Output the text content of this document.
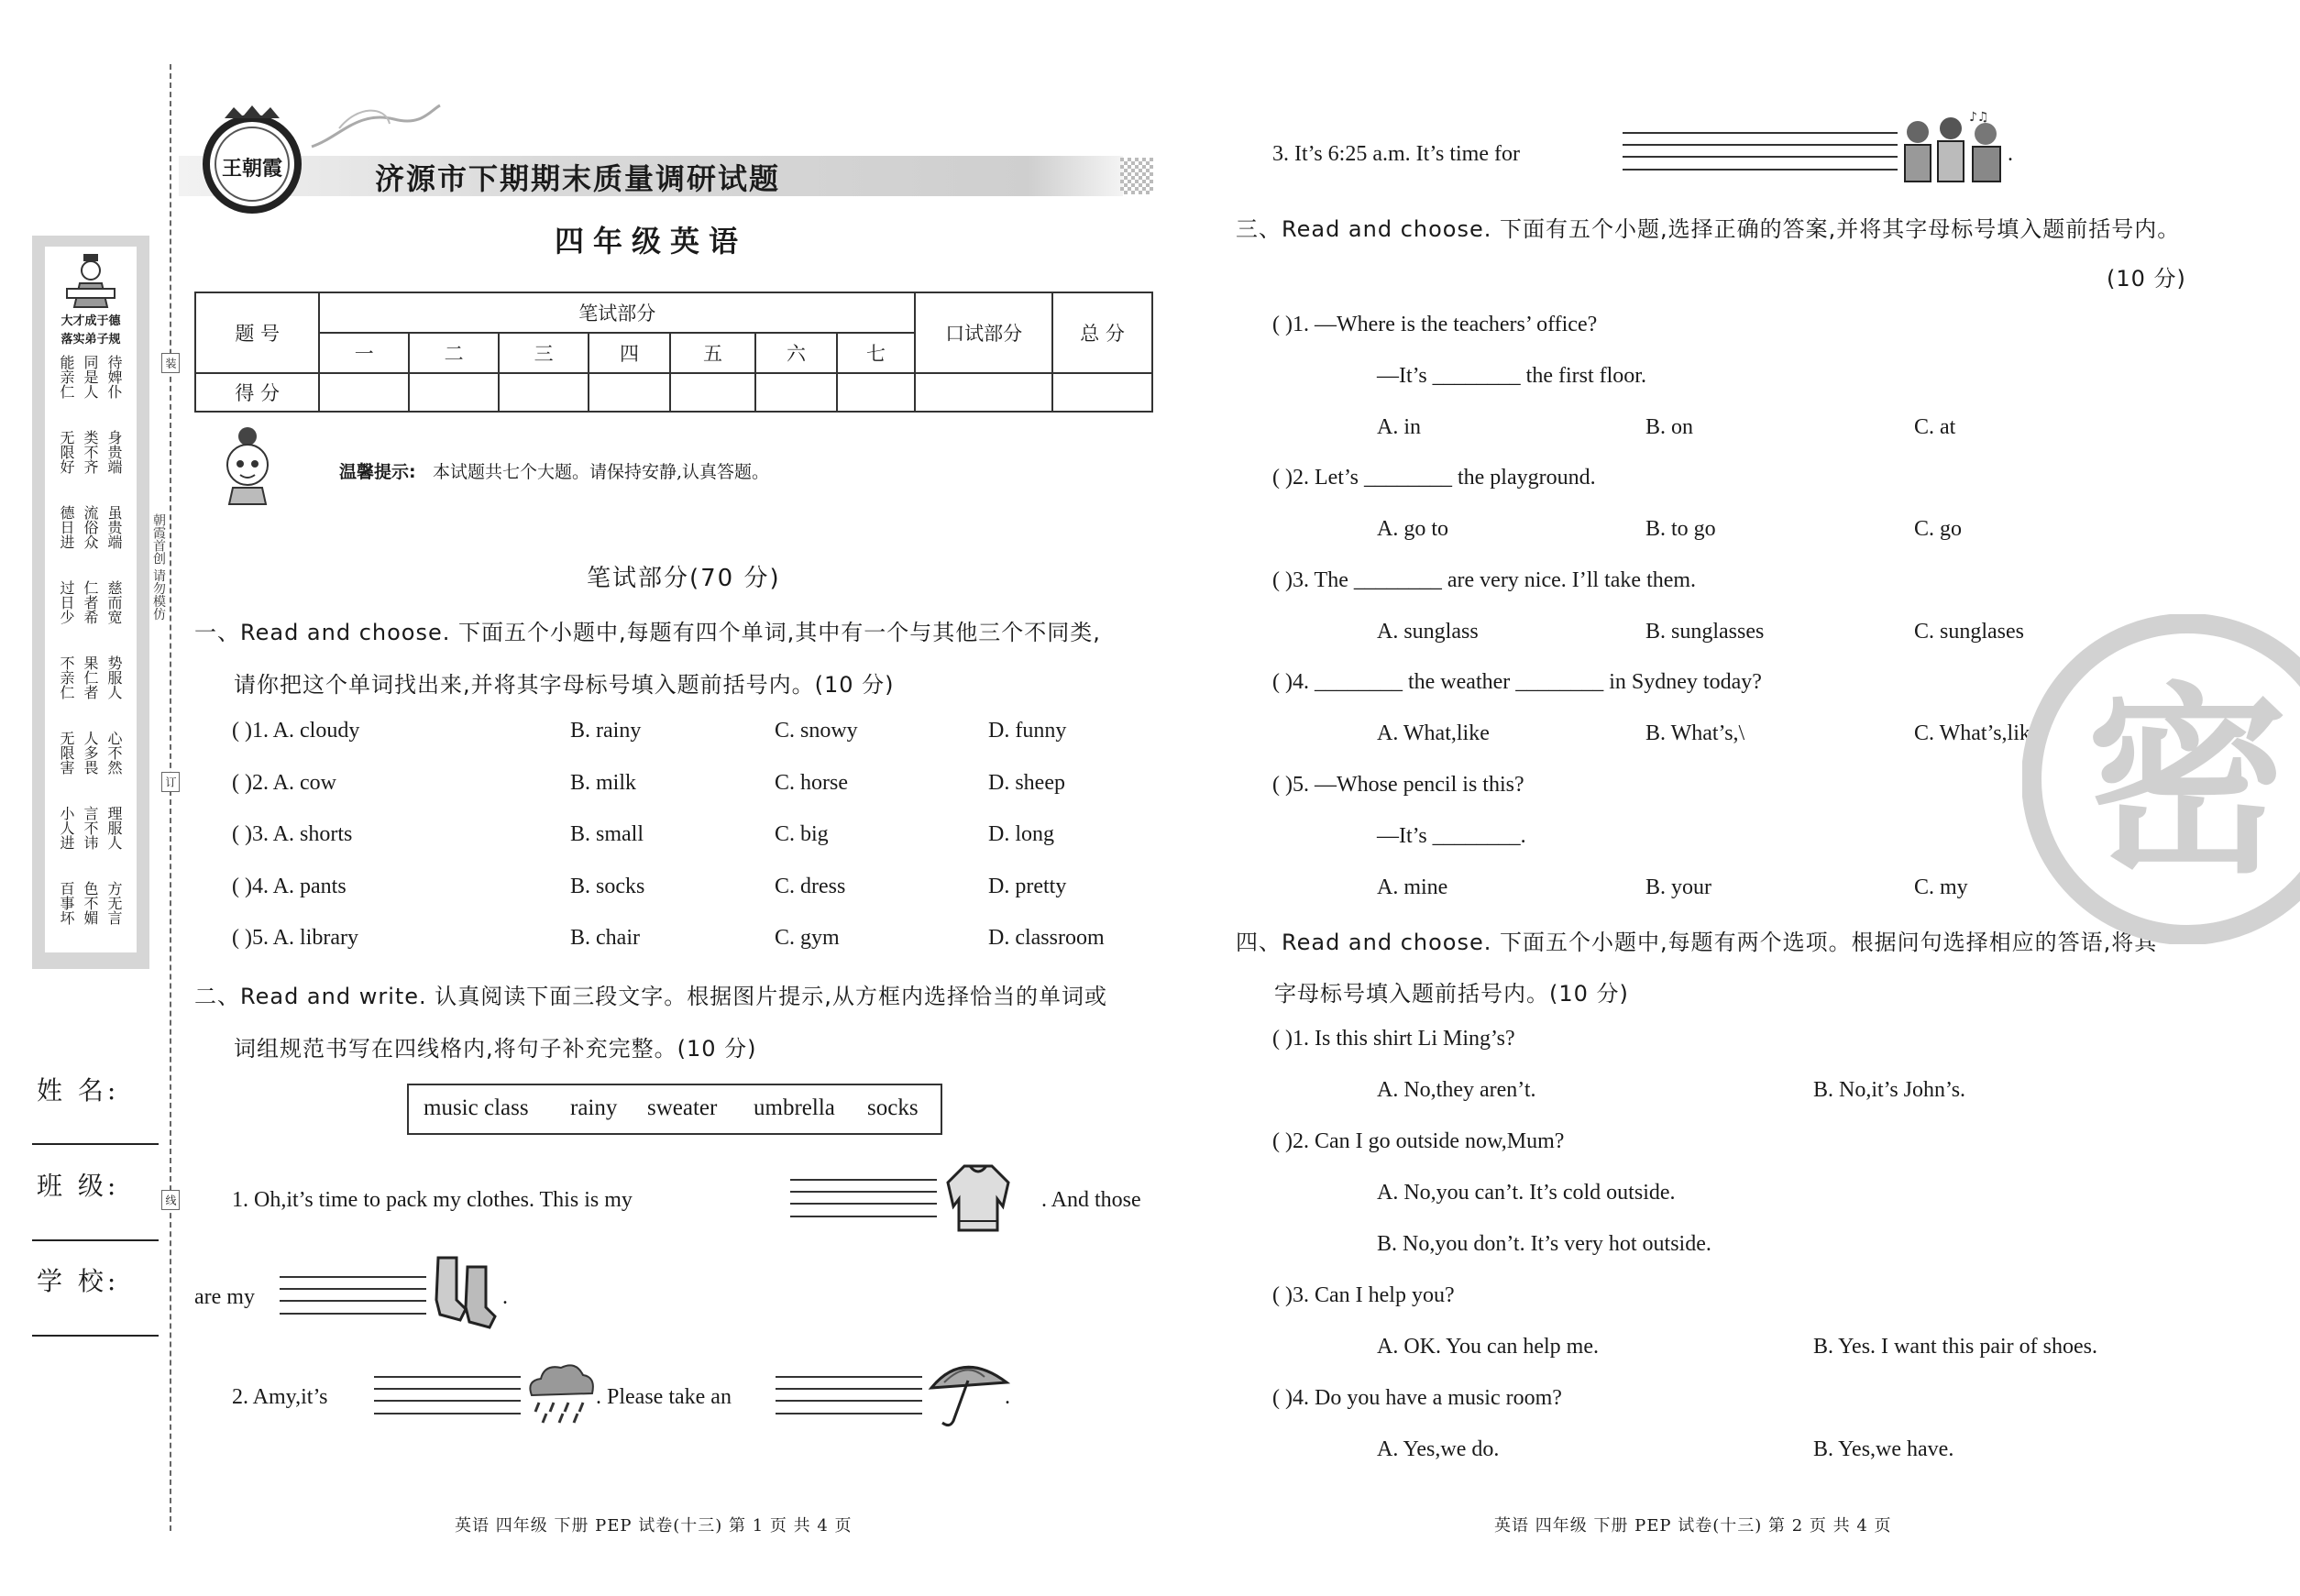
大才成于德
落实弟子规
能亲仁 同是人 待婢仆
无限好 类不齐 身贵端
德日进 流俗众 虽贵端
过日少 仁者希 慈而宽
不亲仁 果仁者 势服人
无限害 人多畏 心不然
小人进 言不讳 理服人
百事坏 色不媚 方无言
朝霞首创 请勿模仿
装
订
线
姓 名:
班 级:
学 校:
王朝霞	济源市下期期末质量调研试题
四年级英语
题 号	笔试部分							口试部分	总 分
	一	二	三	四	五	六	七		
得 分									
温馨提示: 本试题共七个大题。请保持安静,认真答题。
笔试部分(70 分)
一、Read and choose. 下面五个小题中,每题有四个单词,其中有一个与其他三个不同类,
请你把这个单词找出来,并将其字母标号填入题前括号内。(10 分)
( )1. A. cloudy	B. rainy	C. snowy	D. funny
( )2. A. cow	B. milk	C. horse	D. sheep
( )3. A. shorts	B. small	C. big	D. long
( )4. A. pants	B. socks	C. dress	D. pretty
( )5. A. library	B. chair	C. gym	D. classroom
二、Read and write. 认真阅读下面三段文字。根据图片提示,从方框内选择恰当的单词或
词组规范书写在四线格内,将句子补充完整。(10 分)
music class rainy sweater umbrella socks
1. Oh,it’s time to pack my clothes. This is my	. And those
are my	.
2. Amy,it’s	. Please take an	.
3. It’s 6:25 a.m. It’s time for
♪♫
.
三、Read and choose. 下面有五个小题,选择正确的答案,并将其字母标号填入题前括号内。
(10 分)
( )1. —Where is the teachers’ office?
—It’s ________ the first floor.
A. in	B. on	C. at
( )2. Let’s ________ the playground.
A. go to	B. to go	C. go
( )3. The ________ are very nice. I’ll take them.
A. sunglass	B. sunglasses	C. sunglases
( )4. ________ the weather ________ in Sydney today?
A. What,like	B. What’s,\	C. What’s,like
( )5. —Whose pencil is this?
—It’s ________.
A. mine	B. your	C. my
四、Read and choose. 下面五个小题中,每题有两个选项。根据问句选择相应的答语,将其
字母标号填入题前括号内。(10 分)
( )1. Is this shirt Li Ming’s?
A. No,they aren’t.	B. No,it’s John’s.
( )2. Can I go outside now,Mum?
A. No,you can’t. It’s cold outside.
B. No,you don’t. It’s very hot outside.
( )3. Can I help you?
A. OK. You can help me.	B. Yes. I want this pair of shoes.
( )4. Do you have a music room?
A. Yes,we do.	B. Yes,we have.
密
英语 四年级 下册 PEP 试卷(十三) 第 1 页 共 4 页	英语 四年级 下册 PEP 试卷(十三) 第 2 页 共 4 页
